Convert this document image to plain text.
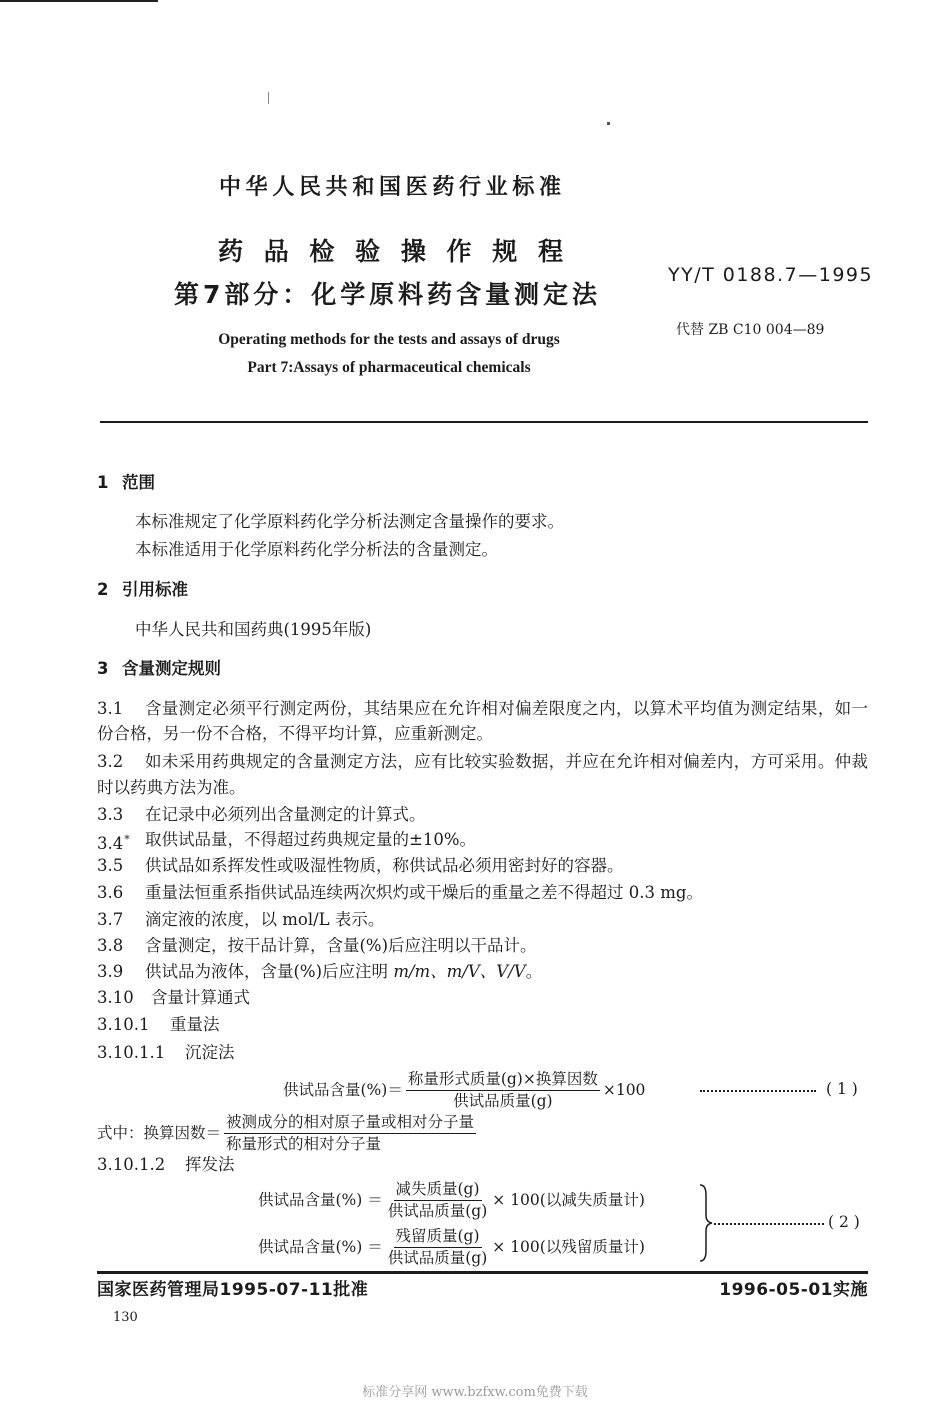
中华人民共和国医药行业标准
药品检验操作规程
第7部分：化学原料药含量测定法
YY/T 0188.7—1995
代替 ZB C10 004—89
Operating methods for the tests and assays of drugs
Part 7:Assays of pharmaceutical chemicals
1 范围
本标准规定了化学原料药化学分析法测定含量操作的要求。
本标准适用于化学原料药化学分析法的含量测定。
2 引用标准
中华人民共和国药典(1995年版)
3 含量测定规则
3.1 含量测定必须平行测定两份，其结果应在允许相对偏差限度之内，以算术平均值为测定结果，如一
份合格，另一份不合格，不得平均计算，应重新测定。
3.2 如未采用药典规定的含量测定方法，应有比较实验数据，并应在允许相对偏差内，方可采用。仲裁
时以药典方法为准。
3.3 在记录中必须列出含量测定的计算式。
3.4* 取供试品量，不得超过药典规定量的±10%。
3.5 供试品如系挥发性或吸湿性物质，称供试品必须用密封好的容器。
3.6 重量法恒重系指供试品连续两次炽灼或干燥后的重量之差不得超过 0.3 mg。
3.7 滴定液的浓度，以 mol/L 表示。
3.8 含量测定，按干品计算，含量(%)后应注明以干品计。
3.9 供试品为液体，含量(%)后应注明 m/m、m/V、V/V。
3.10 含量计算通式
3.10.1 重量法
3.10.1.1 沉淀法
供试品含量(%)＝ $\frac{\text{称量形式质量(g)×换算因数}}{\text{供试品质量(g)}} \times 100$	( 1 )
式中：换算因数＝ $\frac{\text{被测成分的相对原子量或相对分子量}}{\text{称量形式的相对分子量}}$
3.10.1.2 挥发法
供试品含量(%) ＝ $\frac{\text{减失质量(g)}}{\text{供试品质量(g)}} \times 100$(以减失质量计)
供试品含量(%) ＝ $\frac{\text{残留质量(g)}}{\text{供试品质量(g)}} \times 100$(以残留质量计)
( 2 )
国家医药管理局1995-07-11批准	1996-05-01实施
130
标准分享网 www.bzfxw.com免费下载
